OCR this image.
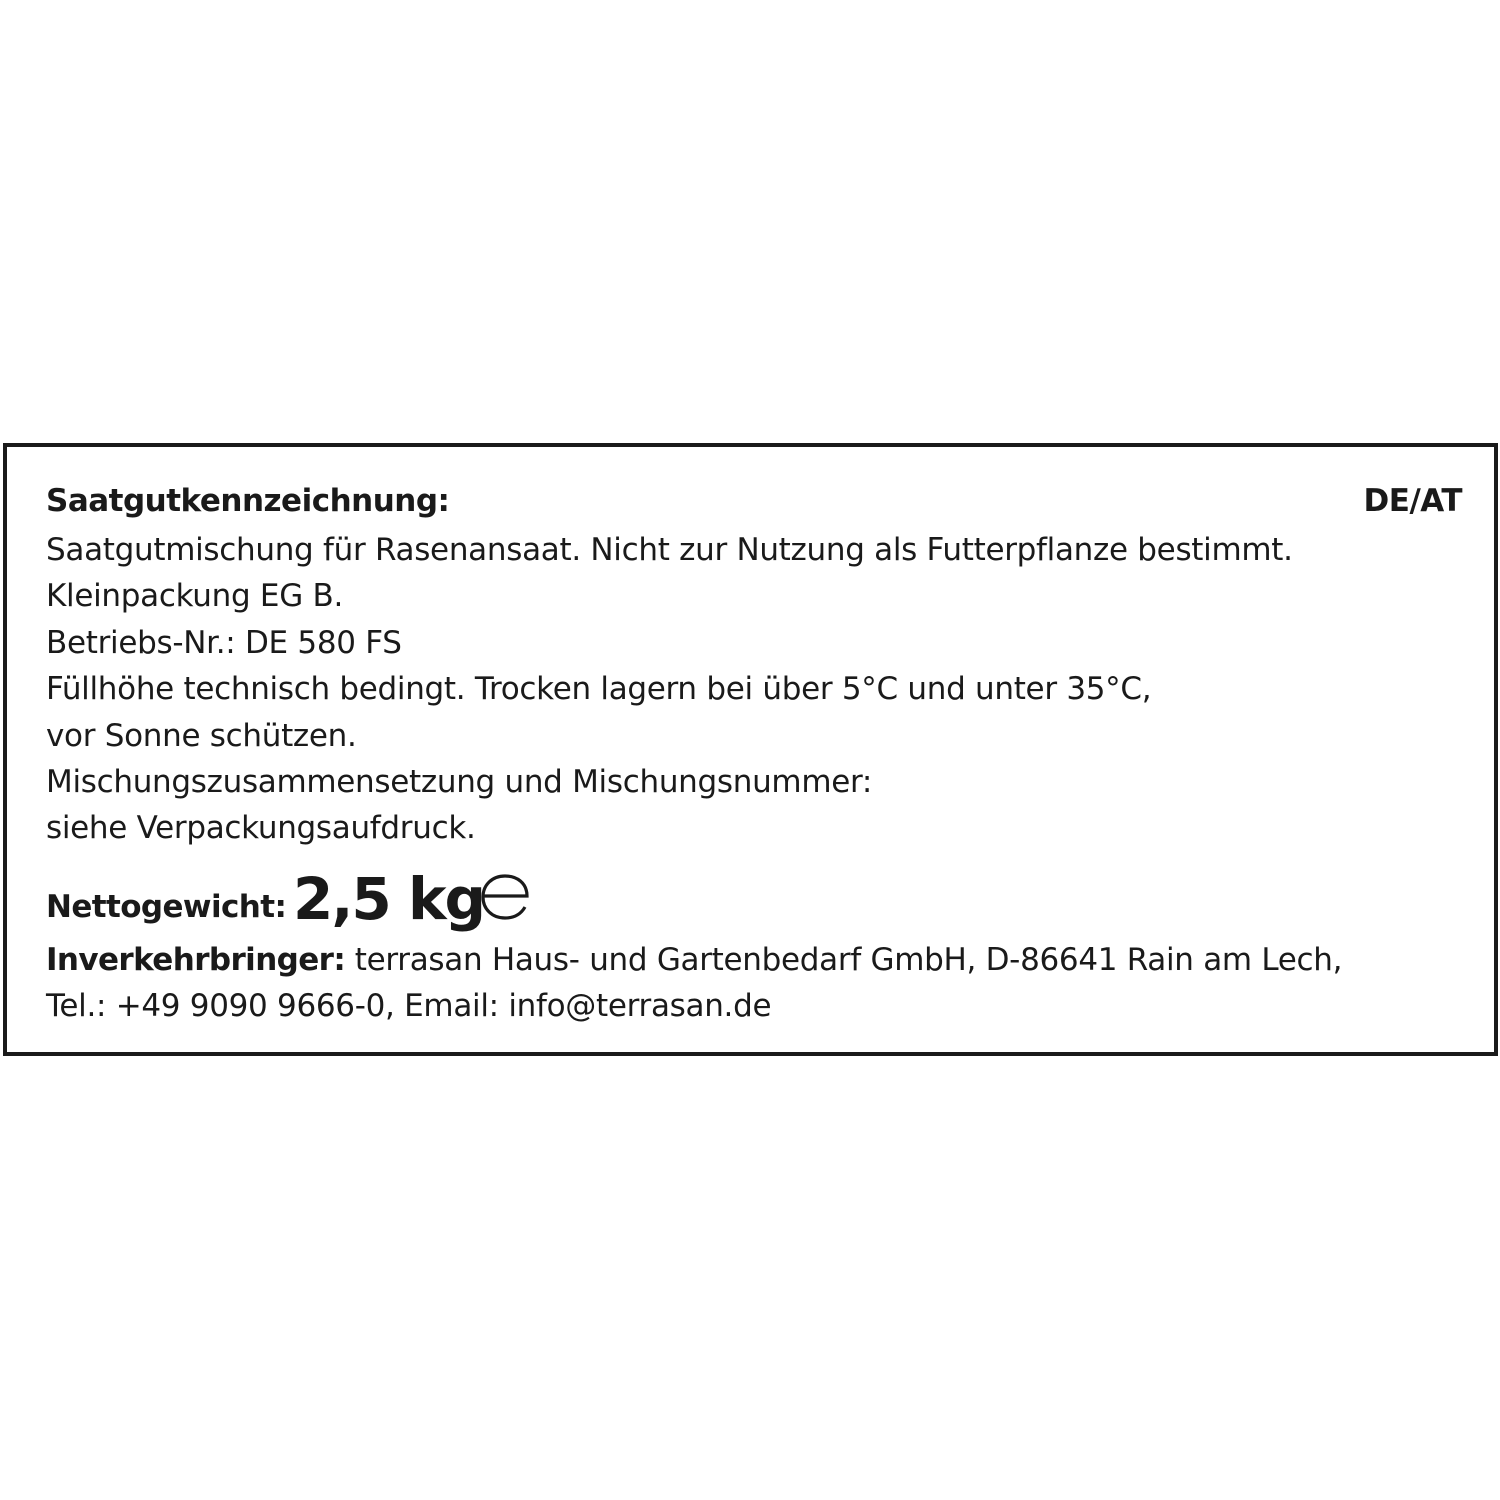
Saatgutkennzeichnung:	DE/AT
Saatgutmischung für Rasenansaat. Nicht zur Nutzung als Futterpflanze bestimmt.
Kleinpackung EG B.
Betriebs-Nr.: DE 580 FS
Füllhöhe technisch bedingt. Trocken lagern bei über 5°C und unter 35°C,
vor Sonne schützen.
Mischungszusammensetzung und Mischungsnummer:
siehe Verpackungsaufdruck.
Nettogewicht: 2,5 kg
Inverkehrbringer: terrasan Haus- und Gartenbedarf GmbH, D-86641 Rain am Lech,
Tel.: +49 9090 9666-0, Email: info@terrasan.de
